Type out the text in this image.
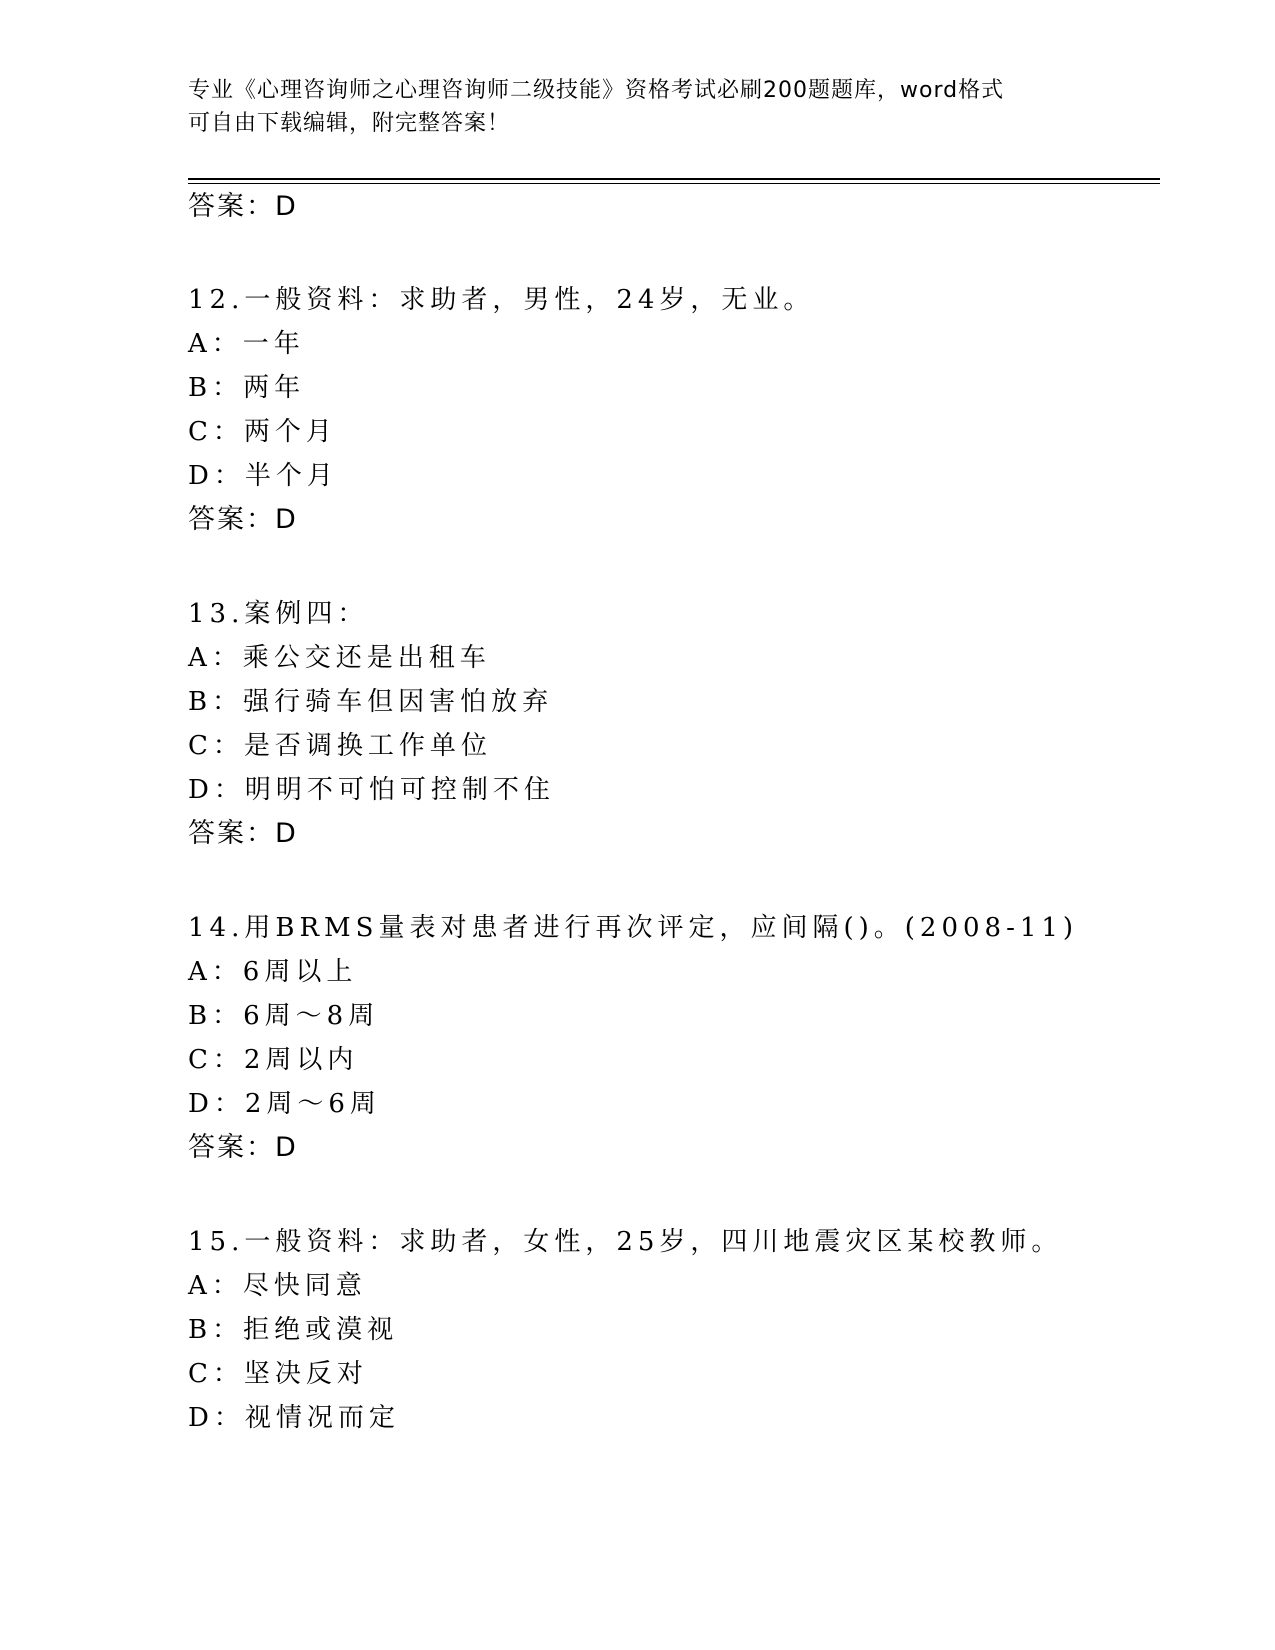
专业《心理咨询师之心理咨询师二级技能》资格考试必刷200题题库，word格式
可自由下载编辑，附完整答案！
答案：D
12.一般资料：求助者，男性，24岁，无业。
A：一年
B：两年
C：两个月
D：半个月
答案：D
13.案例四：
A：乘公交还是出租车
B：强行骑车但因害怕放弃
C：是否调换工作单位
D：明明不可怕可控制不住
答案：D
14.用BRMS量表对患者进行再次评定，应间隔()。(2008-11)
A：6周以上
B：6周～8周
C：2周以内
D：2周～6周
答案：D
15.一般资料：求助者，女性，25岁，四川地震灾区某校教师。
A：尽快同意
B：拒绝或漠视
C：坚决反对
D：视情况而定
